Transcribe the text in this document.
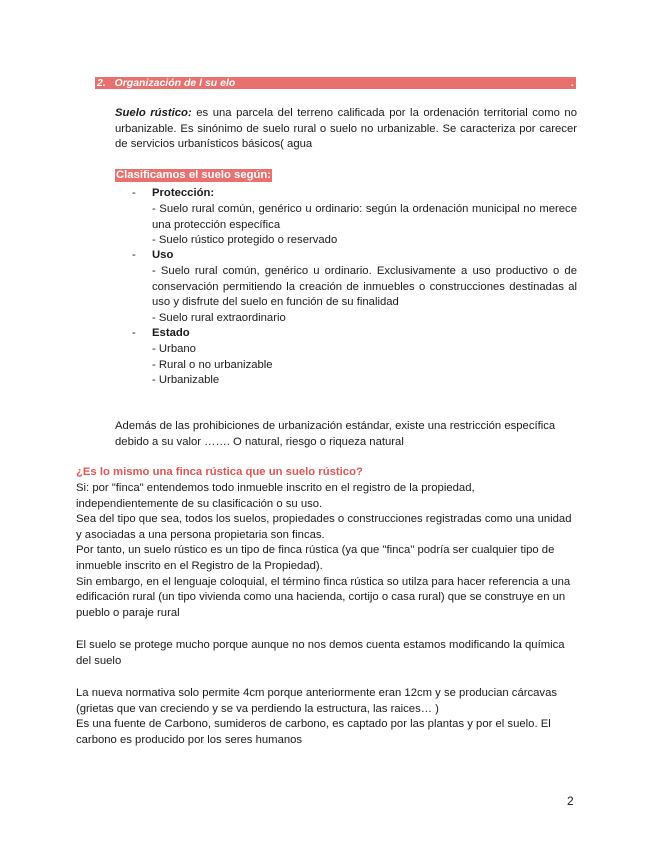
2. Organización de l su elo	.
Suelo rústico: es una parcela del terreno calificada por la ordenación territorial como no urbanizable. Es sinónimo de suelo rural o suelo no urbanizable. Se caracteriza por carecer de servicios urbanísticos básicos( agua
Clasificamos el suelo según:
-	Protección:
- Suelo rural común, genérico u ordinario: según la ordenación municipal no merece una protección específica
- Suelo rústico protegido o reservado
-	Uso
- Suelo rural común, genérico u ordinario. Exclusivamente a uso productivo o de conservación permitiendo la creación de inmuebles o construcciones destinadas al uso y disfrute del suelo en función de su finalidad
- Suelo rural extraordinario
-	Estado
- Urbano
- Rural o no urbanizable
- Urbanizable
Además de las prohibiciones de urbanización estándar, existe una restricción específica debido a su valor ……. O natural, riesgo o riqueza natural
¿Es lo mismo una finca rústica que un suelo rústico?
Si: por "finca" entendemos todo inmueble inscrito en el registro de la propiedad, independientemente de su clasificación o su uso.
Sea del tipo que sea, todos los suelos, propiedades o construcciones registradas como una unidad y asociadas a una persona propietaria son fincas.
Por tanto, un suelo rústico es un tipo de finca rústica (ya que "finca" podría ser cualquier tipo de inmueble inscrito en el Registro de la Propiedad).
Sin embargo, en el lenguaje coloquial, el término finca rústica so utilza para hacer referencia a una edificación rural (un tipo vivienda como una hacienda, cortijo o casa rural) que se construye en un pueblo o paraje rural
El suelo se protege mucho porque aunque no nos demos cuenta estamos modificando la química del suelo
La nueva normativa solo permite 4cm porque anteriormente eran 12cm y se producian cárcavas (grietas que van creciendo y se va perdiendo la estructura, las raices… )
Es una fuente de Carbono, sumideros de carbono, es captado por las plantas y por el suelo. El carbono es producido por los seres humanos
2
